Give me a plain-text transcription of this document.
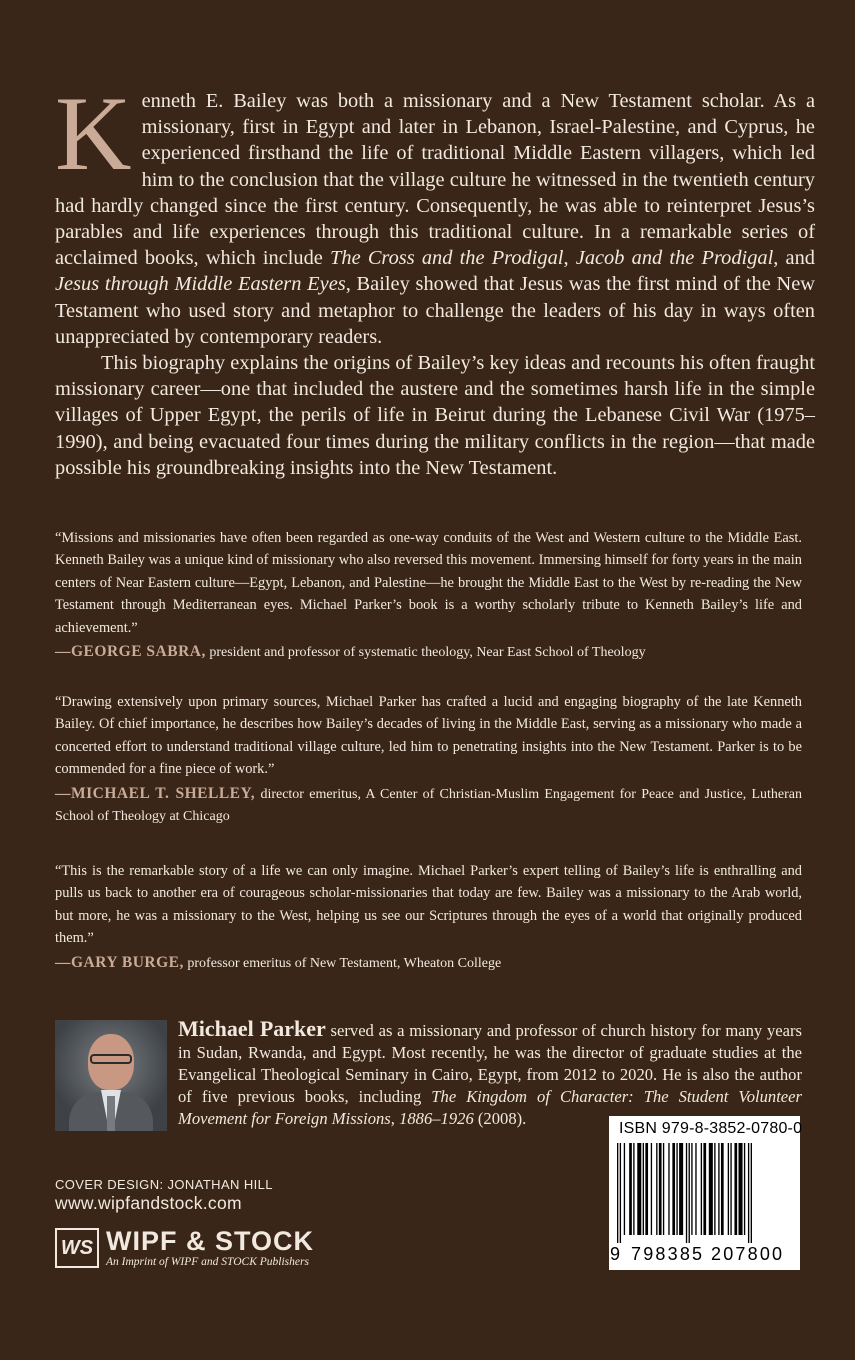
Kenneth E. Bailey was both a missionary and a New Testament scholar. As a missionary, first in Egypt and later in Lebanon, Israel-Palestine, and Cyprus, he experienced firsthand the life of traditional Middle Eastern villagers, which led him to the conclusion that the village culture he witnessed in the twentieth century had hardly changed since the first century. Consequently, he was able to reinterpret Jesus’s parables and life experiences through this traditional culture. In a remarkable series of acclaimed books, which include The Cross and the Prodigal, Jacob and the Prodigal, and Jesus through Middle Eastern Eyes, Bailey showed that Jesus was the first mind of the New Testament who used story and metaphor to challenge the leaders of his day in ways often unappreciated by contemporary readers.

This biography explains the origins of Bailey’s key ideas and recounts his often fraught missionary career—one that included the austere and the sometimes harsh life in the simple villages of Upper Egypt, the perils of life in Beirut during the Lebanese Civil War (1975–1990), and being evacuated four times during the military conflicts in the region—that made possible his groundbreaking insights into the New Testament.

“Missions and missionaries have often been regarded as one-way conduits of the West and Western culture to the Middle East. Kenneth Bailey was a unique kind of missionary who also reversed this movement. Immersing himself for forty years in the main centers of Near Eastern culture—Egypt, Lebanon, and Palestine—he brought the Middle East to the West by re-reading the New Testament through Mediterranean eyes. Michael Parker’s book is a worthy scholarly tribute to Kenneth Bailey’s life and achievement.”

—GEORGE SABRA, president and professor of systematic theology, Near East School of Theology

“Drawing extensively upon primary sources, Michael Parker has crafted a lucid and engaging biography of the late Kenneth Bailey. Of chief importance, he describes how Bailey’s decades of living in the Middle East, serving as a missionary who made a concerted effort to understand traditional village culture, led him to penetrating insights into the New Testament. Parker is to be commended for a fine piece of work.”

—MICHAEL T. SHELLEY, director emeritus, A Center of Christian-Muslim Engagement for Peace and Justice, Lutheran School of Theology at Chicago

“This is the remarkable story of a life we can only imagine. Michael Parker’s expert telling of Bailey’s life is enthralling and pulls us back to another era of courageous scholar-missionaries that today are few. Bailey was a missionary to the Arab world, but more, he was a missionary to the West, helping us see our Scriptures through the eyes of a world that originally produced them.”

—GARY BURGE, professor emeritus of New Testament, Wheaton College

Michael Parker served as a missionary and professor of church history for many years in Sudan, Rwanda, and Egypt. Most recently, he was the director of graduate studies at the Evangelical Theological Seminary in Cairo, Egypt, from 2012 to 2020. He is also the author of five previous books, including The Kingdom of Character: The Student Volunteer Movement for Foreign Missions, 1886–1926 (2008).

COVER DESIGN: JONATHAN HILL
www.wipfandstock.com
WS WIPF & STOCK
An Imprint of WIPF and STOCK Publishers
ISBN 979-8-3852-0780-0
9 798385 207800
